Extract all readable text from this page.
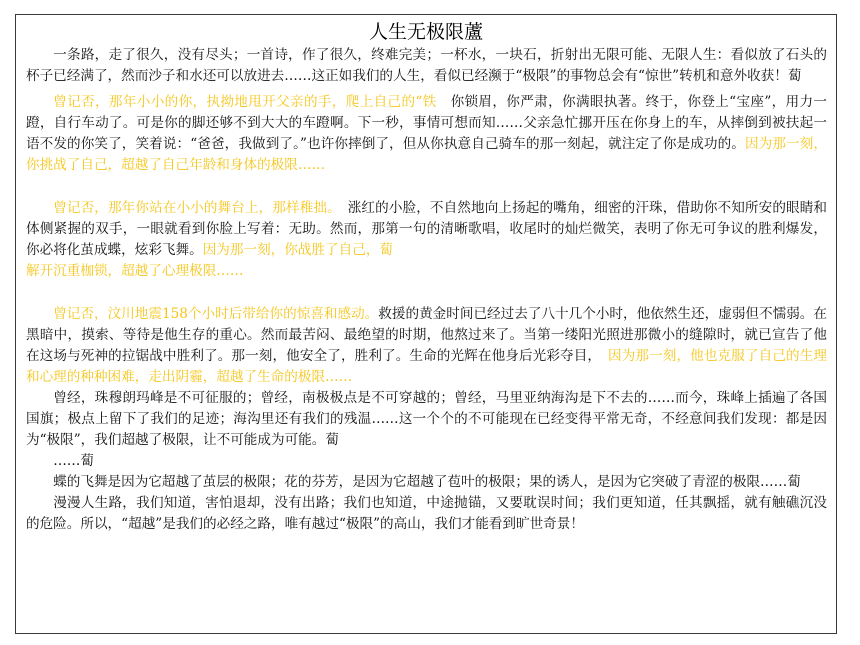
人生无极限蘆

一条路，走了很久，没有尽头；一首诗，作了很久，终难完美；一杯水，一块石，折射出无限可能、无限人生：看似放了石头的杯子已经满了，然而沙子和水还可以放进去……这正如我们的人生，看似已经濒于“极限”的事物总会有“惊世”转机和意外收获！蔔

曾记否，那年小小的你，执拗地甩开父亲的手，爬上自己的“铁　 你锁眉，你严肃，你满眼执著。终于，你登上“宝座”，用力一蹬，自行车动了。可是你的脚还够不到大大的车蹬啊。下一秒，事情可想而知……父亲急忙挪开压在你身上的车，从摔倒到被扶起一语不发的你笑了，笑着说：“爸爸，我做到了。”也许你摔倒了，但从你执意自己骑车的那一刻起，就注定了你是成功的。因为那一刻，你挑战了自己，超越了自己年龄和身体的极限……

曾记否，那年你站在小小的舞台上，那样稚拙。　 涨红的小脸，不自然地向上扬起的嘴角，细密的汗珠，借助你不知所安的眼睛和体侧紧握的双手，一眼就看到你脸上写着：无助。然而，那第一句的清晰歌唱，收尾时的灿烂微笑，表明了你无可争议的胜利爆发，你必将化茧成蝶，炫彩飞舞。因为那一刻，你战胜了自己，蔔
解开沉重枷锁，超越了心理极限……

曾记否，汶川地震158个小时后带给你的惊喜和感动。救援的黄金时间已经过去了八十几个小时，他依然生还，虚弱但不懦弱。在黑暗中，摸索、等待是他生存的重心。然而最苦闷、最绝望的时期，他熬过来了。当第一缕阳光照进那微小的缝隙时，就已宣告了他在这场与死神的拉锯战中胜利了。那一刻，他安全了，胜利了。生命的光辉在他身后光彩夺目，　 因为那一刻，他也克服了自己的生理和心理的种种困难，走出阴霾，超越了生命的极限……

曾经，珠穆朗玛峰是不可征服的；曾经，南极极点是不可穿越的；曾经，马里亚纳海沟是下不去的……而今，珠峰上插遍了各国国旗；极点上留下了我们的足迹；海沟里还有我们的残温……这一个个的不可能现在已经变得平常无奇，不经意间我们发现：都是因为“极限”，我们超越了极限，让不可能成为可能。蔔

……蔔

蝶的飞舞是因为它超越了茧层的极限；花的芬芳，是因为它超越了苞叶的极限；果的诱人，是因为它突破了青涩的极限……蔔

漫漫人生路，我们知道，害怕退却，没有出路；我们也知道，中途抛锚，又要耽误时间；我们更知道，任其飘摇，就有触礁沉没的危险。所以，“超越”是我们的必经之路，唯有越过“极限”的高山，我们才能看到旷世奇景！
